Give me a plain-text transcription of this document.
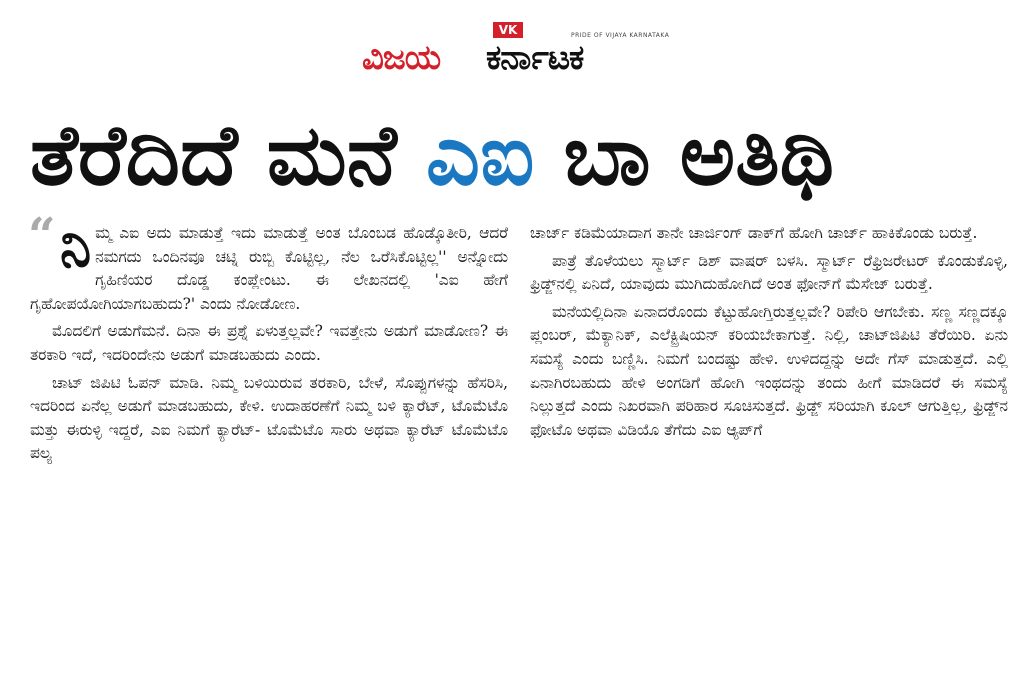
VK	PRIDE OF VIJAYA KARNATAKA
ವಿಜಯ ಕರ್ನಾಟಕ
ತೆರೆದಿದೆ ಮನೆ ಎಐ ಬಾ ಅತಿಥಿ
“ ನಿಮ್ಮ ಎಐ ಅದು ಮಾಡುತ್ತೆ ಇದು ಮಾಡುತ್ತೆ ಅಂತ ಬೊಂಬಡ ಹೊಡ್ಕೊತೀರಿ, ಆದರೆ ನಮಗದು ಒಂದಿನವೂ ಚಟ್ನಿ ರುಬ್ಬಿ ಕೊಟ್ಟಿಲ್ಲ, ನೆಲ ಒರೆಸಿಕೊಟ್ಟಿಲ್ಲ'' ಅನ್ನೋದು ಗೃಹಿಣಿಯರ ದೊಡ್ಡ ಕಂಪ್ಲೇಂಟು. ಈ ಲೇಖನದಲ್ಲಿ 'ಎಐ ಹೇಗೆ ಗೃಹೋಪಯೋಗಿಯಾಗಬಹುದು?' ಎಂದು ನೋಡೋಣ.

ಮೊದಲಿಗೆ ಅಡುಗೆಮನೆ. ದಿನಾ ಈ ಪ್ರಶ್ನೆ ಏಳುತ್ತಲ್ಲವೇ? ಇವತ್ತೇನು ಅಡುಗೆ ಮಾಡೋಣ? ಈ ತರಕಾರಿ ಇದೆ, ಇದರಿಂದೇನು ಅಡುಗೆ ಮಾಡಬಹುದು ಎಂದು.

ಚಾಟ್ ಜಿಪಿಟಿ ಓಪನ್ ಮಾಡಿ. ನಿಮ್ಮ ಬಳಿಯಿರುವ ತರಕಾರಿ, ಬೇಳೆ, ಸೊಪ್ಪುಗಳನ್ನು ಹೆಸರಿಸಿ, ಇದರಿಂದ ಏನೆಲ್ಲ ಅಡುಗೆ ಮಾಡಬಹುದು, ಕೇಳಿ. ಉದಾಹರಣೆಗೆ ನಿಮ್ಮ ಬಳಿ ಕ್ಯಾರೆಟ್, ಟೊಮೆಟೊ ಮತ್ತು ಈರುಳ್ಳಿ ಇದ್ದರೆ, ಎಐ ನಿಮಗೆ ಕ್ಯಾರೆಟ್- ಟೊಮೆಟೊ ಸಾರು ಅಥವಾ ಕ್ಯಾರೆಟ್ ಟೊಮೆಟೊ ಪಲ್ಯ

ಚಾರ್ಜ್ ಕಡಿಮೆಯಾದಾಗ ತಾನೇ ಚಾರ್ಜಿಂಗ್ ಡಾಕ್‌ಗೆ ಹೋಗಿ ಚಾರ್ಜ್ ಹಾಕಿಕೊಂಡು ಬರುತ್ತೆ.

ಪಾತ್ರೆ ತೊಳೆಯಲು ಸ್ಮಾರ್ಟ್ ಡಿಶ್ ವಾಷರ್ ಬಳಸಿ. ಸ್ಮಾರ್ಟ್ ರೆಫ್ರಿಜರೇಟರ್ ಕೊಂಡುಕೊಳ್ಳಿ, ಫ್ರಿಡ್ಜ್‌ನಲ್ಲಿ ಏನಿದೆ, ಯಾವುದು ಮುಗಿದುಹೋಗಿದೆ ಅಂತ ಫೋನ್‌ಗೆ ಮೆಸೇಜ್ ಬರುತ್ತೆ.

ಮನೆಯಲ್ಲಿದಿನಾ ಏನಾದರೊಂದು ಕೆಟ್ಟುಹೋಗ್ತಿರುತ್ತಲ್ಲವೇ? ರಿಪೇರಿ ಆಗಬೇಕು. ಸಣ್ಣ ಸಣ್ಣದಕ್ಕೂ ಪ್ಲಂಬರ್, ಮೆಕ್ಯಾನಿಕ್, ಎಲೆಕ್ಟ್ರಿಷಿಯನ್ ಕರಿಯಬೇಕಾಗುತ್ತೆ. ನಿಲ್ಲಿ, ಚಾಟ್‌ಜಿಪಿಟಿ ತೆರೆಯಿರಿ. ಏನು ಸಮಸ್ಯೆ ಎಂದು ಬಣ್ಣಿಸಿ. ನಿಮಗೆ ಬಂದಷ್ಟು ಹೇಳಿ. ಉಳಿದದ್ದನ್ನು ಅದೇ ಗೆಸ್ ಮಾಡುತ್ತದೆ. ಎಲ್ಲಿ ಏನಾಗಿರಬಹುದು ಹೇಳಿ ಅಂಗಡಿಗೆ ಹೋಗಿ ಇಂಥದನ್ನು ತಂದು ಹೀಗೆ ಮಾಡಿದರೆ ಈ ಸಮಸ್ಯೆ ನಿಲ್ಲುತ್ತದೆ ಎಂದು ನಿಖರವಾಗಿ ಪರಿಹಾರ ಸೂಚಿಸುತ್ತದೆ. ಫ್ರಿಡ್ಜ್ ಸರಿಯಾಗಿ ಕೂಲ್ ಆಗುತ್ತಿಲ್ಲ, ಫ್ರಿಡ್ಜ್‌ನ ಫೋಟೊ ಅಥವಾ ವಿಡಿಯೊ ತೆಗೆದು ಎಐ ಆ್ಯಪ್‌ಗೆ
